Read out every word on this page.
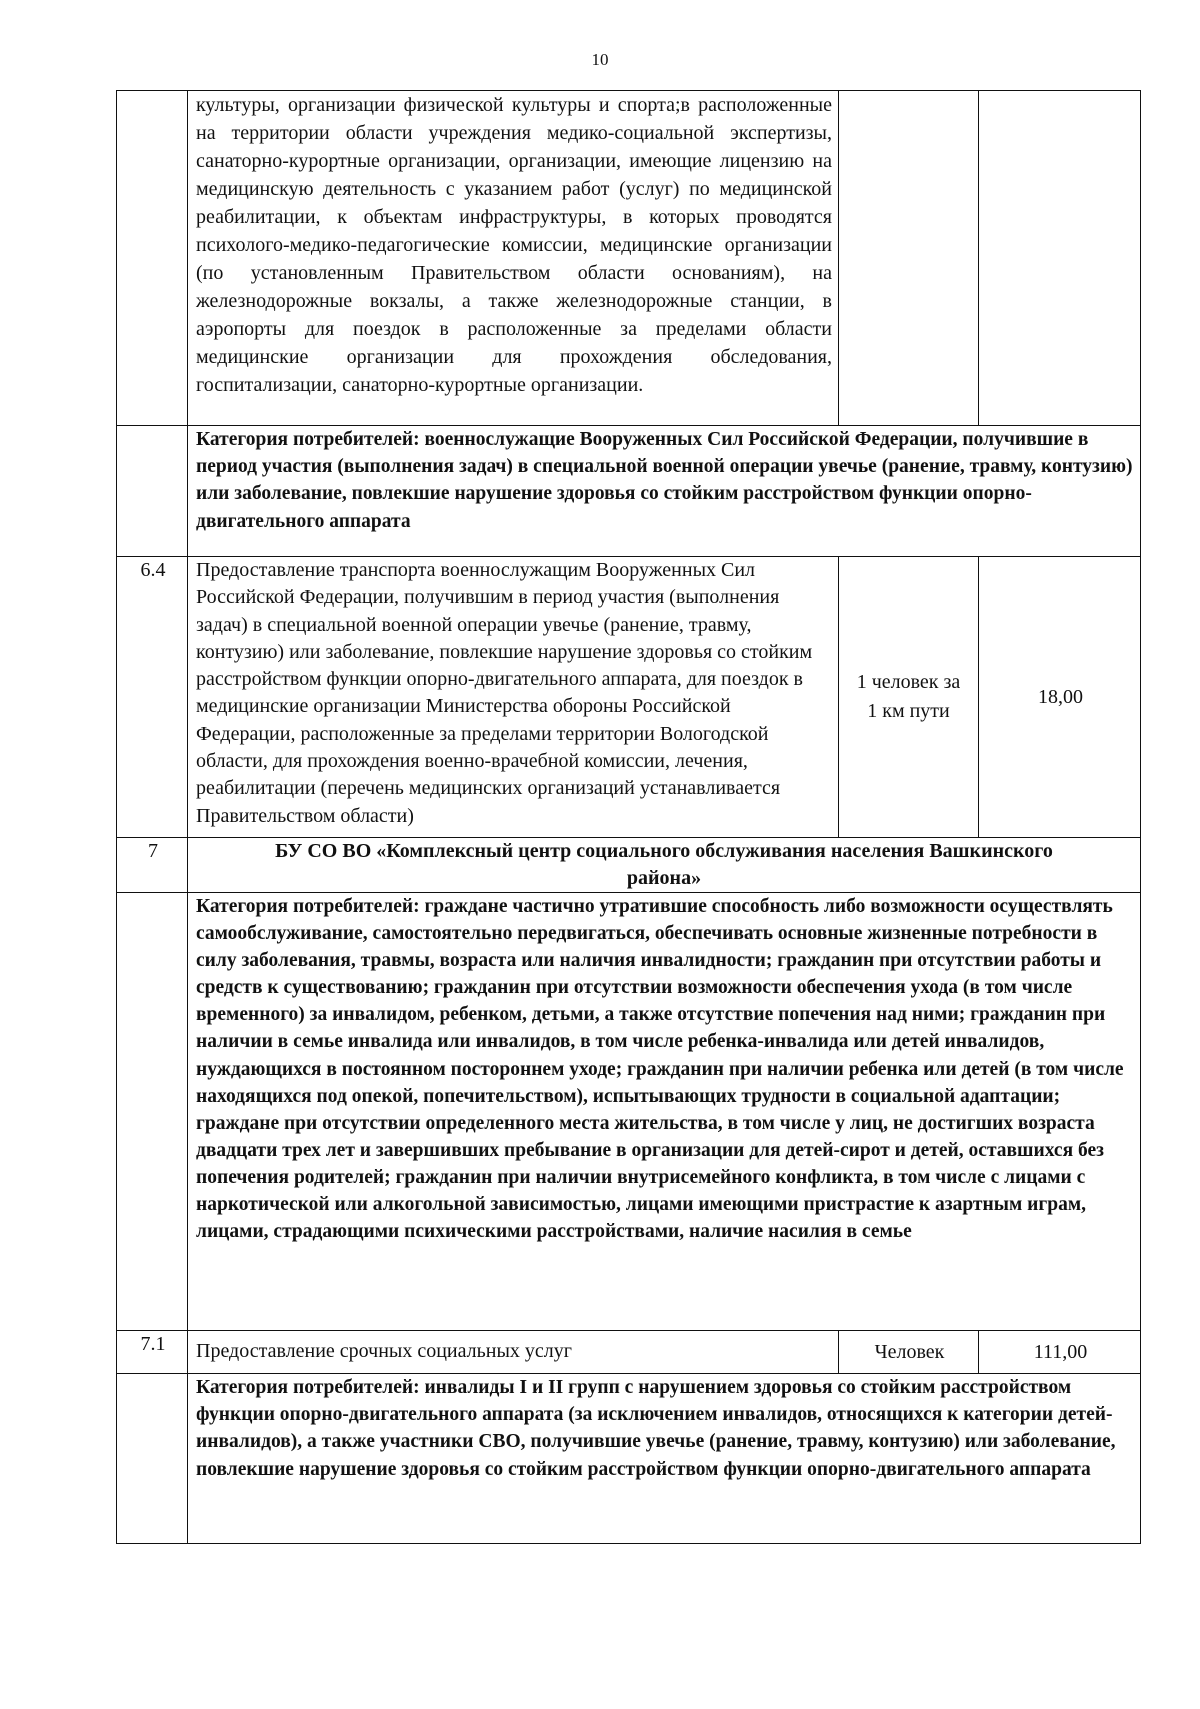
10
	культуры, организации физической культуры и спорта;в расположенные на территории области учреждения медико-социальной экспертизы, санаторно-курортные организации, организации, имеющие лицензию на медицинскую деятельность с указанием работ (услуг) по медицинской реабилитации, к объектам инфраструктуры, в которых проводятся психолого-медико-педагогические комиссии, медицинские организации (по установленным Правительством области основаниям), на железнодорожные вокзалы, а также железнодорожные станции, в аэропорты для поездок в расположенные за пределами области медицинские организации для прохождения обследования, госпитализации, санаторно-курортные организации.		
	Категория потребителей: военнослужащие Вооруженных Сил Российской Федерации, получившие в период участия (выполнения задач) в специальной военной операции увечье (ранение, травму, контузию) или заболевание, повлекшие нарушение здоровья со стойким расстройством функции опорно-двигательного аппарата		
6.4	Предоставление транспорта военнослужащим Вооруженных Сил Российской Федерации, получившим в период участия (выполнения задач) в специальной военной операции увечье (ранение, травму, контузию) или заболевание, повлекшие нарушение здоровья со стойким расстройством функции опорно-двигательного аппарата, для поездок в медицинские организации Министерства обороны Российской Федерации, расположенные за пределами территории Вологодской области, для прохождения военно-врачебной комиссии, лечения, реабилитации (перечень медицинских организаций устанавливается Правительством области)	1 человек за 1 км пути	18,00
7	БУ СО ВО «Комплексный центр социального обслуживания населения Вашкинского района»		
	Категория потребителей: граждане частично утратившие способность либо возможности осуществлять самообслуживание, самостоятельно передвигаться, обеспечивать основные жизненные потребности в силу заболевания, травмы, возраста или наличия инвалидности; гражданин при отсутствии работы и средств к существованию; гражданин при отсутствии возможности обеспечения ухода (в том числе временного) за инвалидом, ребенком, детьми, а также отсутствие попечения над ними; гражданин при наличии в семье инвалида или инвалидов, в том числе ребенка-инвалида или детей инвалидов, нуждающихся в постоянном постороннем уходе; гражданин при наличии ребенка или детей (в том числе находящихся под опекой, попечительством), испытывающих трудности в социальной адаптации; граждане при отсутствии определенного места жительства, в том числе у лиц, не достигших возраста двадцати трех лет и завершивших пребывание в организации для детей-сирот и детей, оставшихся без попечения родителей; гражданин при наличии внутрисемейного конфликта, в том числе с лицами с наркотической или алкогольной зависимостью, лицами имеющими пристрастие к азартным играм, лицами, страдающими психическими расстройствами, наличие насилия в семье		
7.1	Предоставление срочных социальных услуг	Человек	111,00
	Категория потребителей: инвалиды I и II групп с нарушением здоровья со стойким расстройством функции опорно-двигательного аппарата (за исключением инвалидов, относящихся к категории детей-инвалидов), а также участники СВО, получившие увечье (ранение, травму, контузию) или заболевание, повлекшие нарушение здоровья со стойким расстройством функции опорно-двигательного аппарата		
